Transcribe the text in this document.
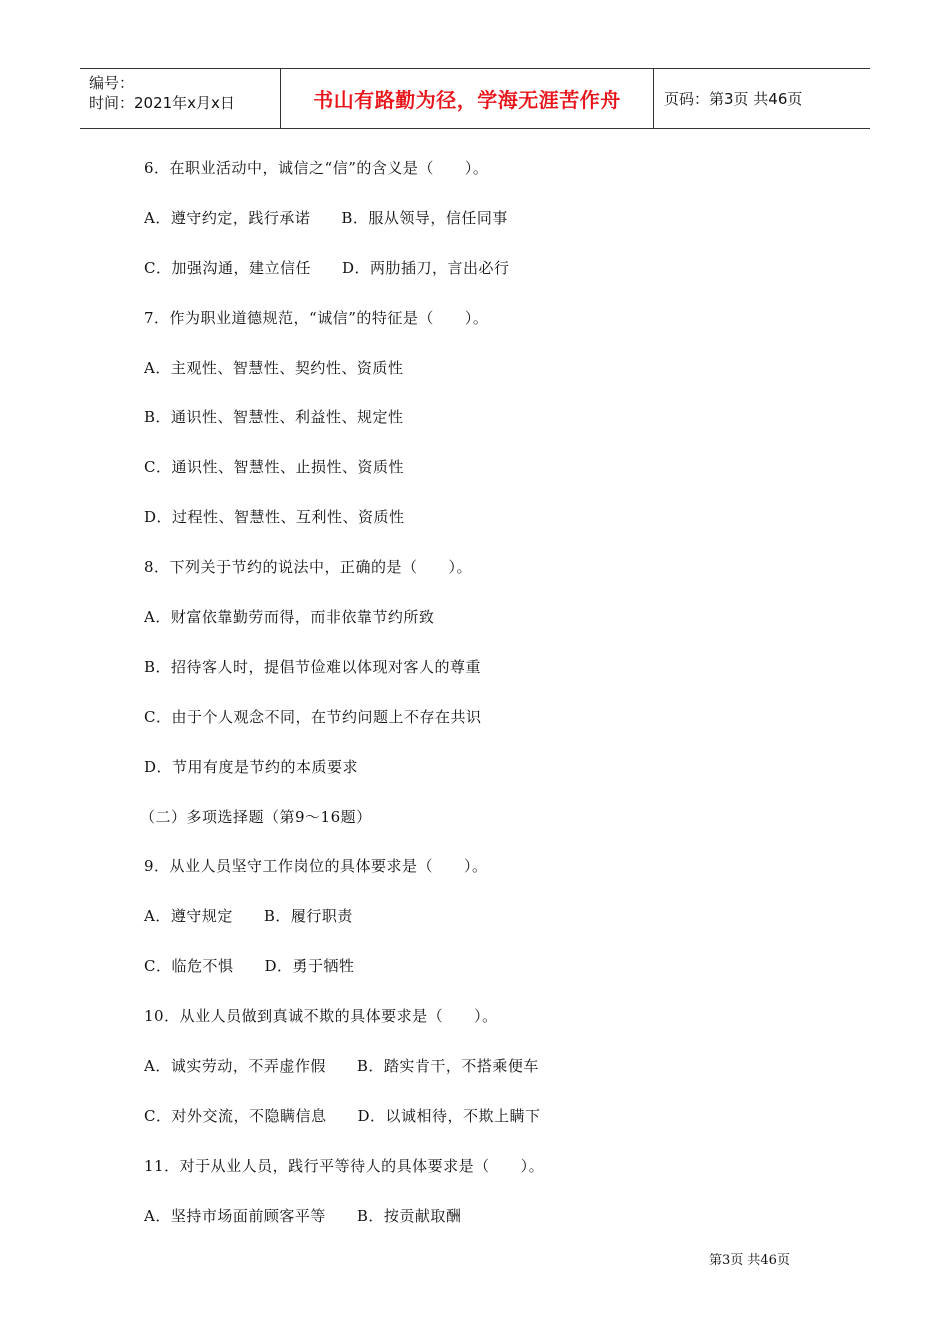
编号：
时间：2021年x月x日	书山有路勤为径，学海无涯苦作舟	页码：第3页 共46页
6．在职业活动中，诚信之“信”的含义是（　　）。
A．遵守约定，践行承诺　　B．服从领导，信任同事
C．加强沟通，建立信任　　D．两肋插刀，言出必行
7．作为职业道德规范，“诚信”的特征是（　　）。
A．主观性、智慧性、契约性、资质性
B．通识性、智慧性、利益性、规定性
C．通识性、智慧性、止损性、资质性
D．过程性、智慧性、互利性、资质性
8．下列关于节约的说法中，正确的是（　　）。
A．财富依靠勤劳而得，而非依靠节约所致
B．招待客人时，提倡节俭难以体现对客人的尊重
C．由于个人观念不同，在节约问题上不存在共识
D．节用有度是节约的本质要求
（二）多项选择题（第9～16题）
9．从业人员坚守工作岗位的具体要求是（　　）。
A．遵守规定　　B．履行职责
C．临危不惧　　D．勇于牺牲
10．从业人员做到真诚不欺的具体要求是（　　）。
A．诚实劳动，不弄虚作假　　B．踏实肯干，不搭乘便车
C．对外交流，不隐瞒信息　　D．以诚相待，不欺上瞒下
11．对于从业人员，践行平等待人的具体要求是（　　）。
A．坚持市场面前顾客平等　　B．按贡献取酬
第3页 共46页
